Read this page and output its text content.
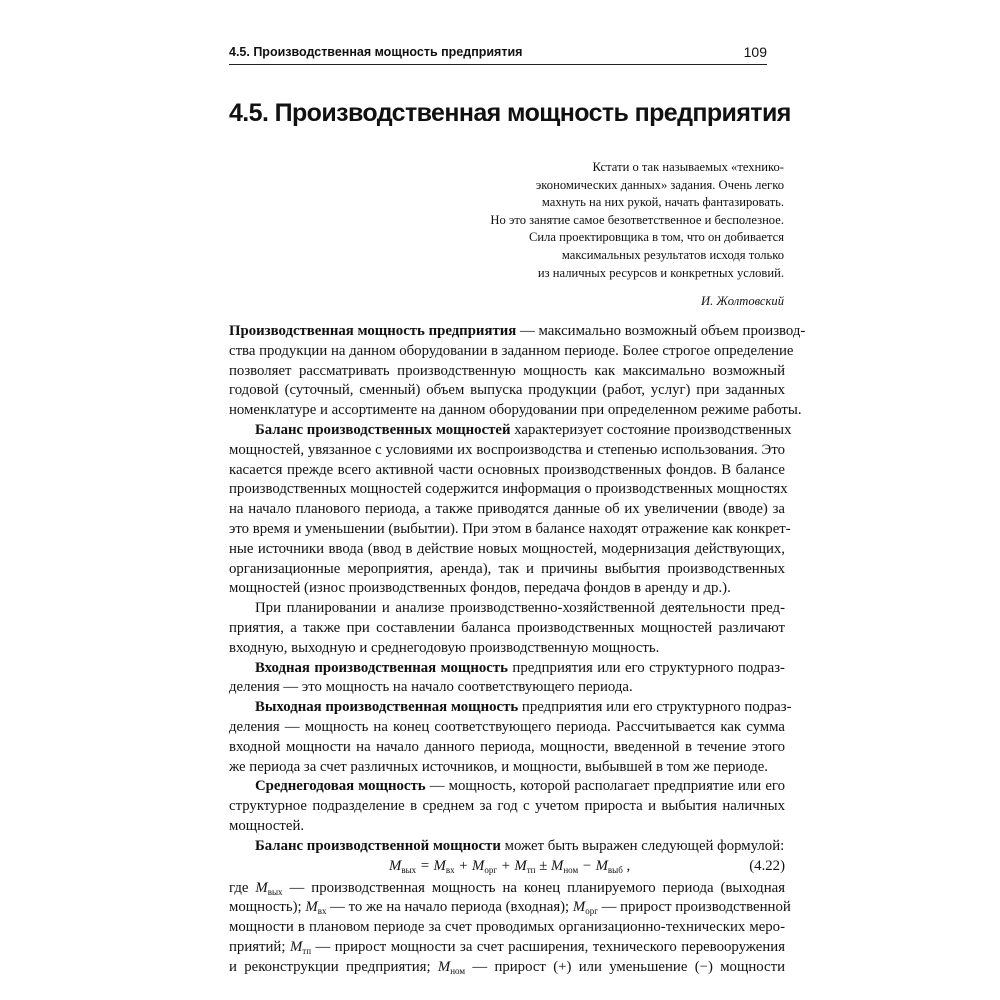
4.5. Производственная мощность предприятия	109
4.5. Производственная мощность предприятия
Кстати о так называемых «технико-
экономических данных» задания. Очень легко
махнуть на них рукой, начать фантазировать.
Но это занятие самое безответственное и бесполезное.
Сила проектировщика в том, что он добивается
максимальных результатов исходя только
из наличных ресурсов и конкретных условий.
И. Жолтовский
Производственная мощность предприятия — максимально возможный объем производ-
ства продукции на данном оборудовании в заданном периоде. Более строгое определение
позволяет рассматривать производственную мощность как максимально возможный
годовой (суточный, сменный) объем выпуска продукции (работ, услуг) при заданных
номенклатуре и ассортименте на данном оборудовании при определенном режиме работы.
Баланс производственных мощностей характеризует состояние производственных
мощностей, увязанное с условиями их воспроизводства и степенью использования. Это
касается прежде всего активной части основных производственных фондов. В балансе
производственных мощностей содержится информация о производственных мощностях
на начало планового периода, а также приводятся данные об их увеличении (вводе) за
это время и уменьшении (выбытии). При этом в балансе находят отражение как конкрет-
ные источники ввода (ввод в действие новых мощностей, модернизация действующих,
организационные мероприятия, аренда), так и причины выбытия производственных
мощностей (износ производственных фондов, передача фондов в аренду и др.).
При планировании и анализе производственно-хозяйственной деятельности пред-
приятия, а также при составлении баланса производственных мощностей различают
входную, выходную и среднегодовую производственную мощность.
Входная производственная мощность предприятия или его структурного подраз-
деления — это мощность на начало соответствующего периода.
Выходная производственная мощность предприятия или его структурного подраз-
деления — мощность на конец соответствующего периода. Рассчитывается как сумма
входной мощности на начало данного периода, мощности, введенной в течение этого
же периода за счет различных источников, и мощности, выбывшей в том же периоде.
Среднегодовая мощность — мощность, которой располагает предприятие или его
структурное подразделение в среднем за год с учетом прироста и выбытия наличных
мощностей.
Баланс производственной мощности может быть выражен следующей формулой:
$M_{вых} = M_{вх} + M_{орг} + M_{тп} \pm M_{ном} - M_{выб}$ ,	(4.22)
где $M_{вых}$ — производственная мощность на конец планируемого периода (выходная
мощность); $M_{вх}$ — то же на начало периода (входная); $M_{орг}$ — прирост производственной
мощности в плановом периоде за счет проводимых организационно-технических меро-
приятий; $M_{тп}$ — прирост мощности за счет расширения, технического перевооружения
и реконструкции предприятия; $M_{ном}$ — прирост (+) или уменьшение (−) мощности
